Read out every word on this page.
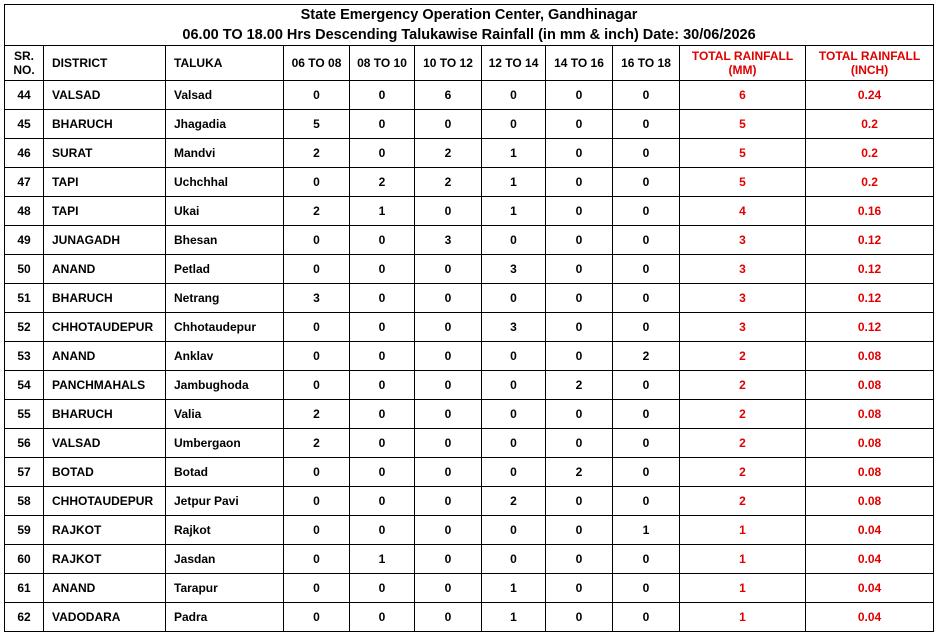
State Emergency Operation Center, Gandhinagar										
06.00 TO 18.00 Hrs Descending Talukawise Rainfall (in mm & inch) Date: 30/06/2026										
SR. NO.	DISTRICT	TALUKA	06 TO 08	08 TO 10	10 TO 12	12 TO 14	14 TO 16	16 TO 18	TOTAL RAINFALL (MM)	TOTAL RAINFALL (INCH)
44	VALSAD	Valsad	0	0	6	0	0	0	6	0.24
45	BHARUCH	Jhagadia	5	0	0	0	0	0	5	0.2
46	SURAT	Mandvi	2	0	2	1	0	0	5	0.2
47	TAPI	Uchchhal	0	2	2	1	0	0	5	0.2
48	TAPI	Ukai	2	1	0	1	0	0	4	0.16
49	JUNAGADH	Bhesan	0	0	3	0	0	0	3	0.12
50	ANAND	Petlad	0	0	0	3	0	0	3	0.12
51	BHARUCH	Netrang	3	0	0	0	0	0	3	0.12
52	CHHOTAUDEPUR	Chhotaudepur	0	0	0	3	0	0	3	0.12
53	ANAND	Anklav	0	0	0	0	0	2	2	0.08
54	PANCHMAHALS	Jambughoda	0	0	0	0	2	0	2	0.08
55	BHARUCH	Valia	2	0	0	0	0	0	2	0.08
56	VALSAD	Umbergaon	2	0	0	0	0	0	2	0.08
57	BOTAD	Botad	0	0	0	0	2	0	2	0.08
58	CHHOTAUDEPUR	Jetpur Pavi	0	0	0	2	0	0	2	0.08
59	RAJKOT	Rajkot	0	0	0	0	0	1	1	0.04
60	RAJKOT	Jasdan	0	1	0	0	0	0	1	0.04
61	ANAND	Tarapur	0	0	0	1	0	0	1	0.04
62	VADODARA	Padra	0	0	0	1	0	0	1	0.04
